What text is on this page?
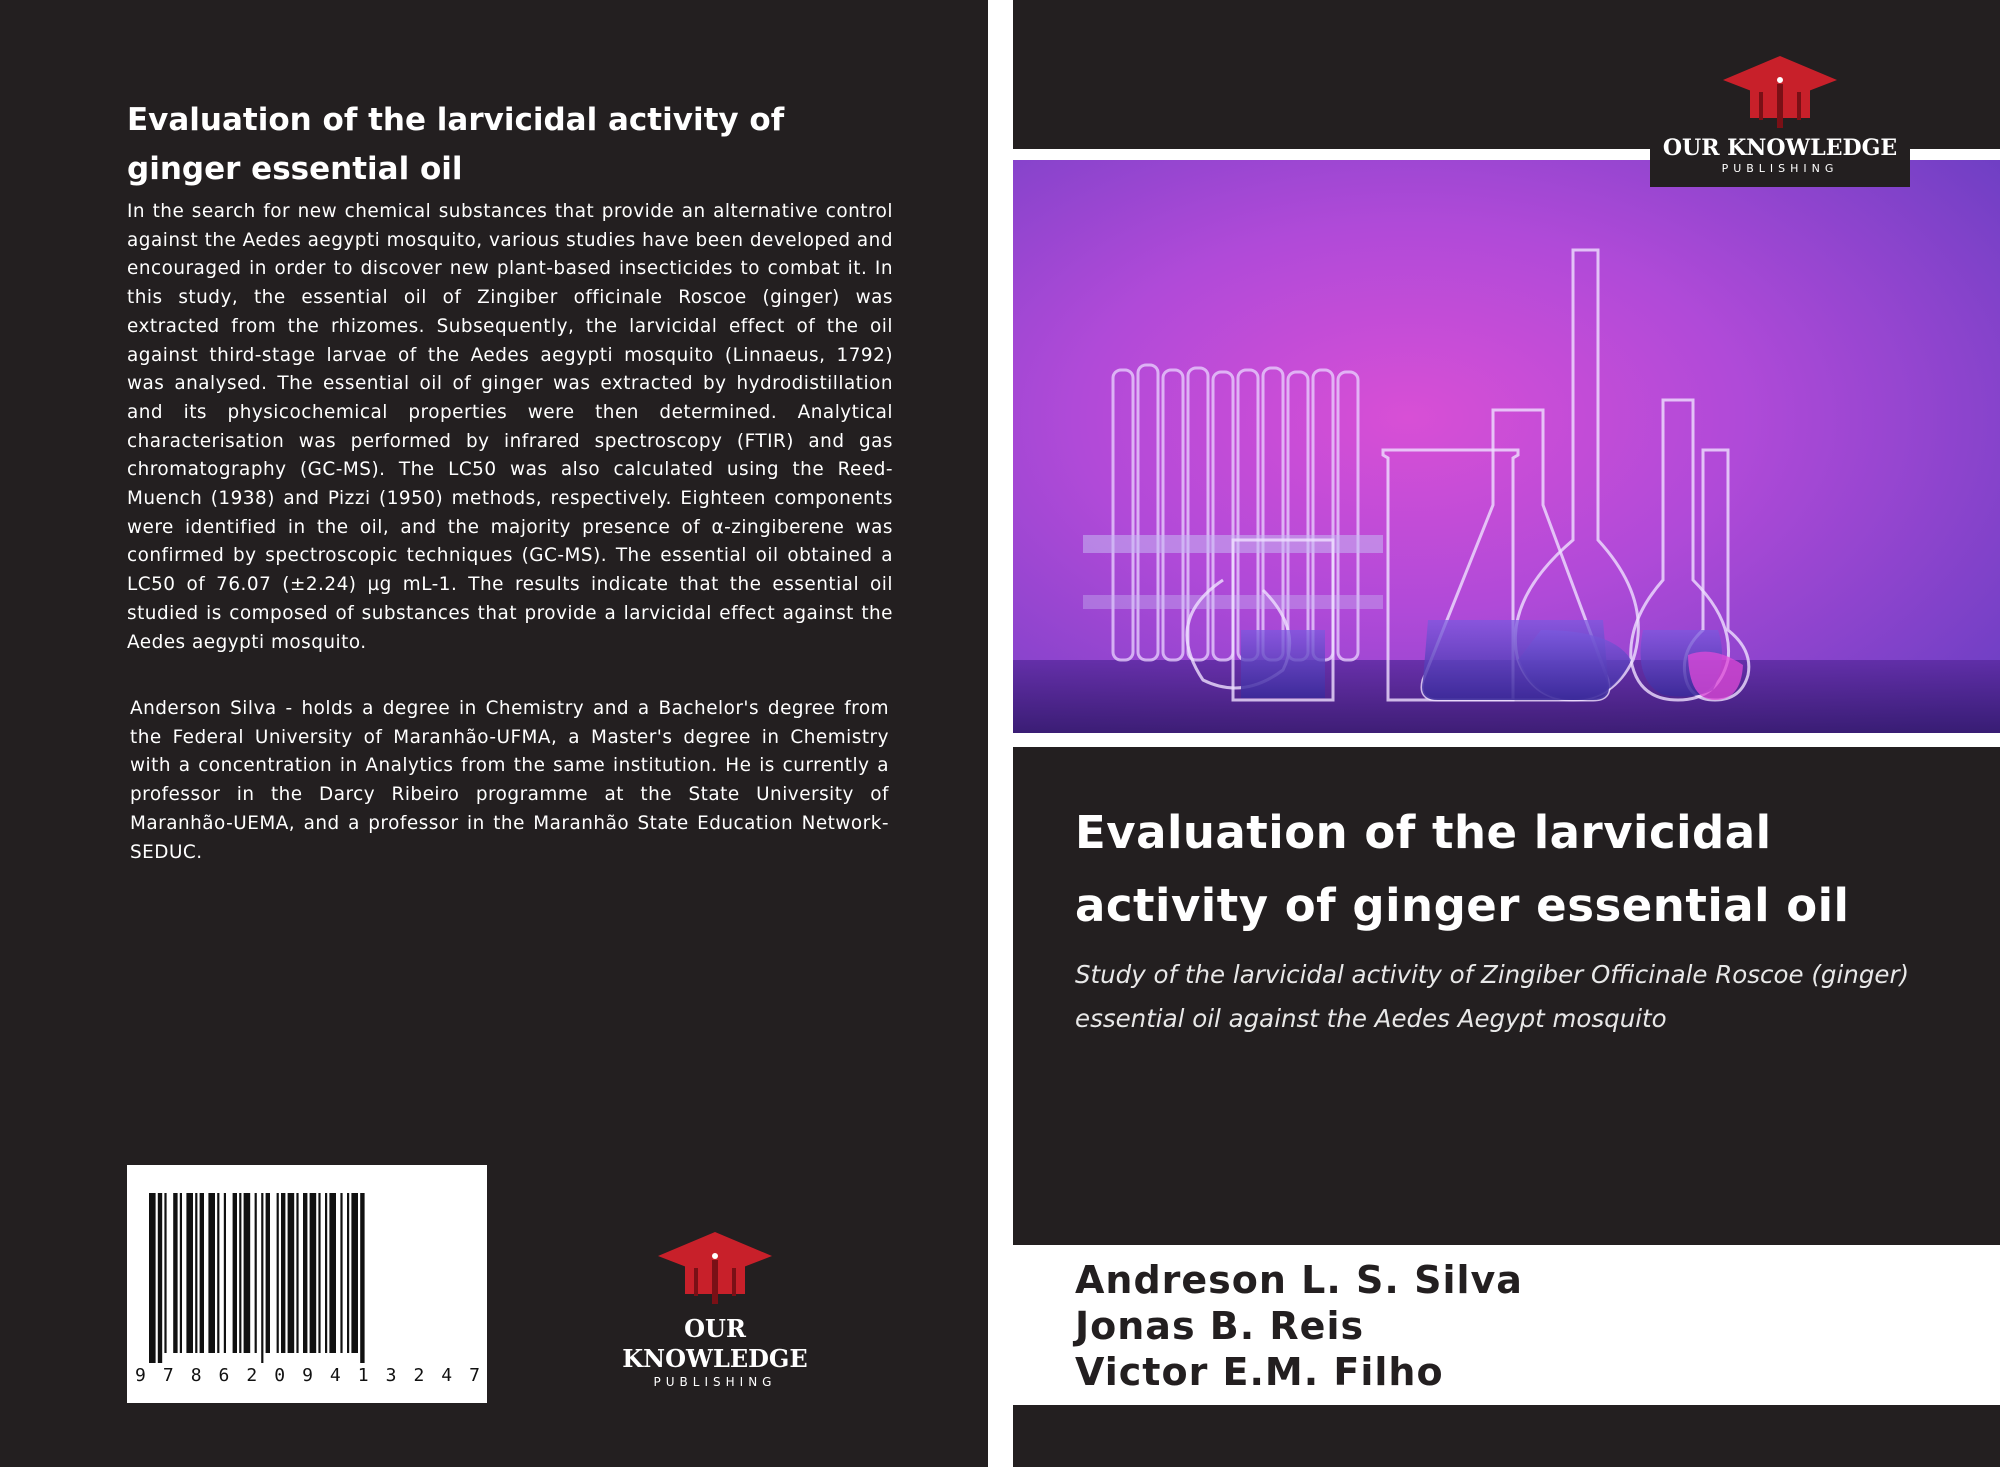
Evaluation of the larvicidal activity of ginger essential oil

In the search for new chemical substances that provide an alternative control against the Aedes aegypti mosquito, various studies have been developed and encouraged in order to discover new plant-based insecticides to combat it. In this study, the essential oil of Zingiber officinale Roscoe (ginger) was extracted from the rhizomes. Subsequently, the larvicidal effect of the oil against third-stage larvae of the Aedes aegypti mosquito (Linnaeus, 1792) was analysed. The essential oil of ginger was extracted by hydrodistillation and its physicochemical properties were then determined. Analytical characterisation was performed by infrared spectroscopy (FTIR) and gas chromatography (GC-MS). The LC50 was also calculated using the Reed-Muench (1938) and Pizzi (1950) methods, respectively. Eighteen components were identified in the oil, and the majority presence of α-zingiberene was confirmed by spectroscopic techniques (GC-MS). The essential oil obtained a LC50 of 76.07 (±2.24) µg mL-1. The results indicate that the essential oil studied is composed of substances that provide a larvicidal effect against the Aedes aegypti mosquito.

Anderson Silva - holds a degree in Chemistry and a Bachelor's degree from the Federal University of Maranhão-UFMA, a Master's degree in Chemistry with a concentration in Analytics from the same institution. He is currently a professor in the Darcy Ribeiro programme at the State University of Maranhão-UEMA, and a professor in the Maranhão State Education Network-SEDUC.

9 7 8 6 2 0 9 4 1 3 2 4 7
OUR KNOWLEDGE
PUBLISHING
OUR KNOWLEDGE
PUBLISHING
Evaluation of the larvicidal activity of ginger essential oil

Study of the larvicidal activity of Zingiber Officinale Roscoe (ginger) essential oil against the Aedes Aegypt mosquito

Andreson L. S. Silva

Jonas B. Reis

Victor E.M. Filho
